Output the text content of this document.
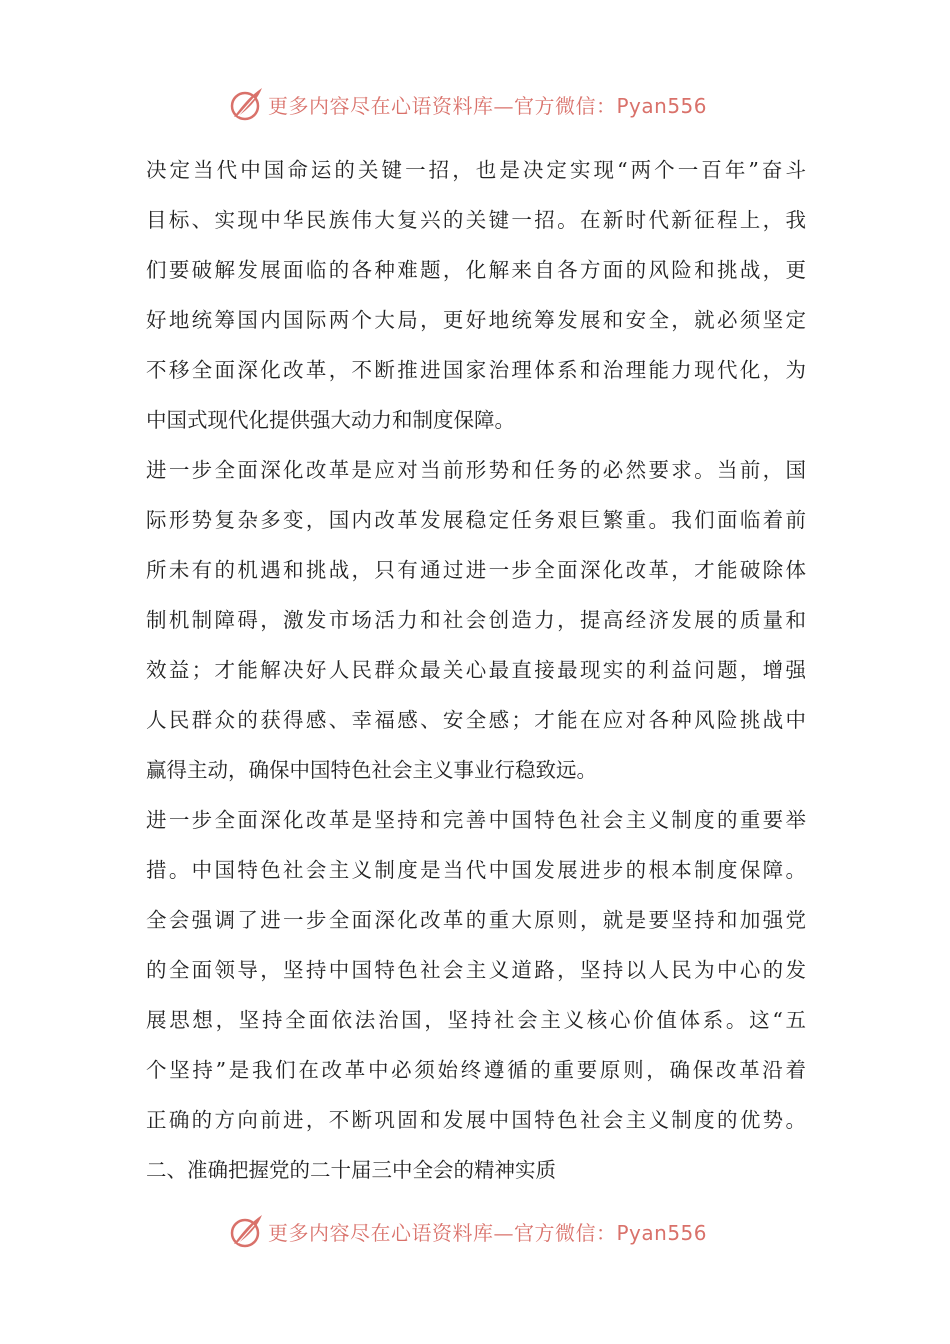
更多内容尽在心语资料库—官方微信：Pyan556
决定当代中国命运的关键一招，也是决定实现“两个一百年”奋斗
目标、实现中华民族伟大复兴的关键一招。在新时代新征程上，我
们要破解发展面临的各种难题，化解来自各方面的风险和挑战，更
好地统筹国内国际两个大局，更好地统筹发展和安全，就必须坚定
不移全面深化改革，不断推进国家治理体系和治理能力现代化，为
中国式现代化提供强大动力和制度保障。
进一步全面深化改革是应对当前形势和任务的必然要求。当前，国
际形势复杂多变，国内改革发展稳定任务艰巨繁重。我们面临着前
所未有的机遇和挑战，只有通过进一步全面深化改革，才能破除体
制机制障碍，激发市场活力和社会创造力，提高经济发展的质量和
效益；才能解决好人民群众最关心最直接最现实的利益问题，增强
人民群众的获得感、幸福感、安全感；才能在应对各种风险挑战中
赢得主动，确保中国特色社会主义事业行稳致远。
进一步全面深化改革是坚持和完善中国特色社会主义制度的重要举
措。中国特色社会主义制度是当代中国发展进步的根本制度保障。
全会强调了进一步全面深化改革的重大原则，就是要坚持和加强党
的全面领导，坚持中国特色社会主义道路，坚持以人民为中心的发
展思想，坚持全面依法治国，坚持社会主义核心价值体系。这“五
个坚持”是我们在改革中必须始终遵循的重要原则，确保改革沿着
正确的方向前进，不断巩固和发展中国特色社会主义制度的优势。
二、准确把握党的二十届三中全会的精神实质
更多内容尽在心语资料库—官方微信：Pyan556
